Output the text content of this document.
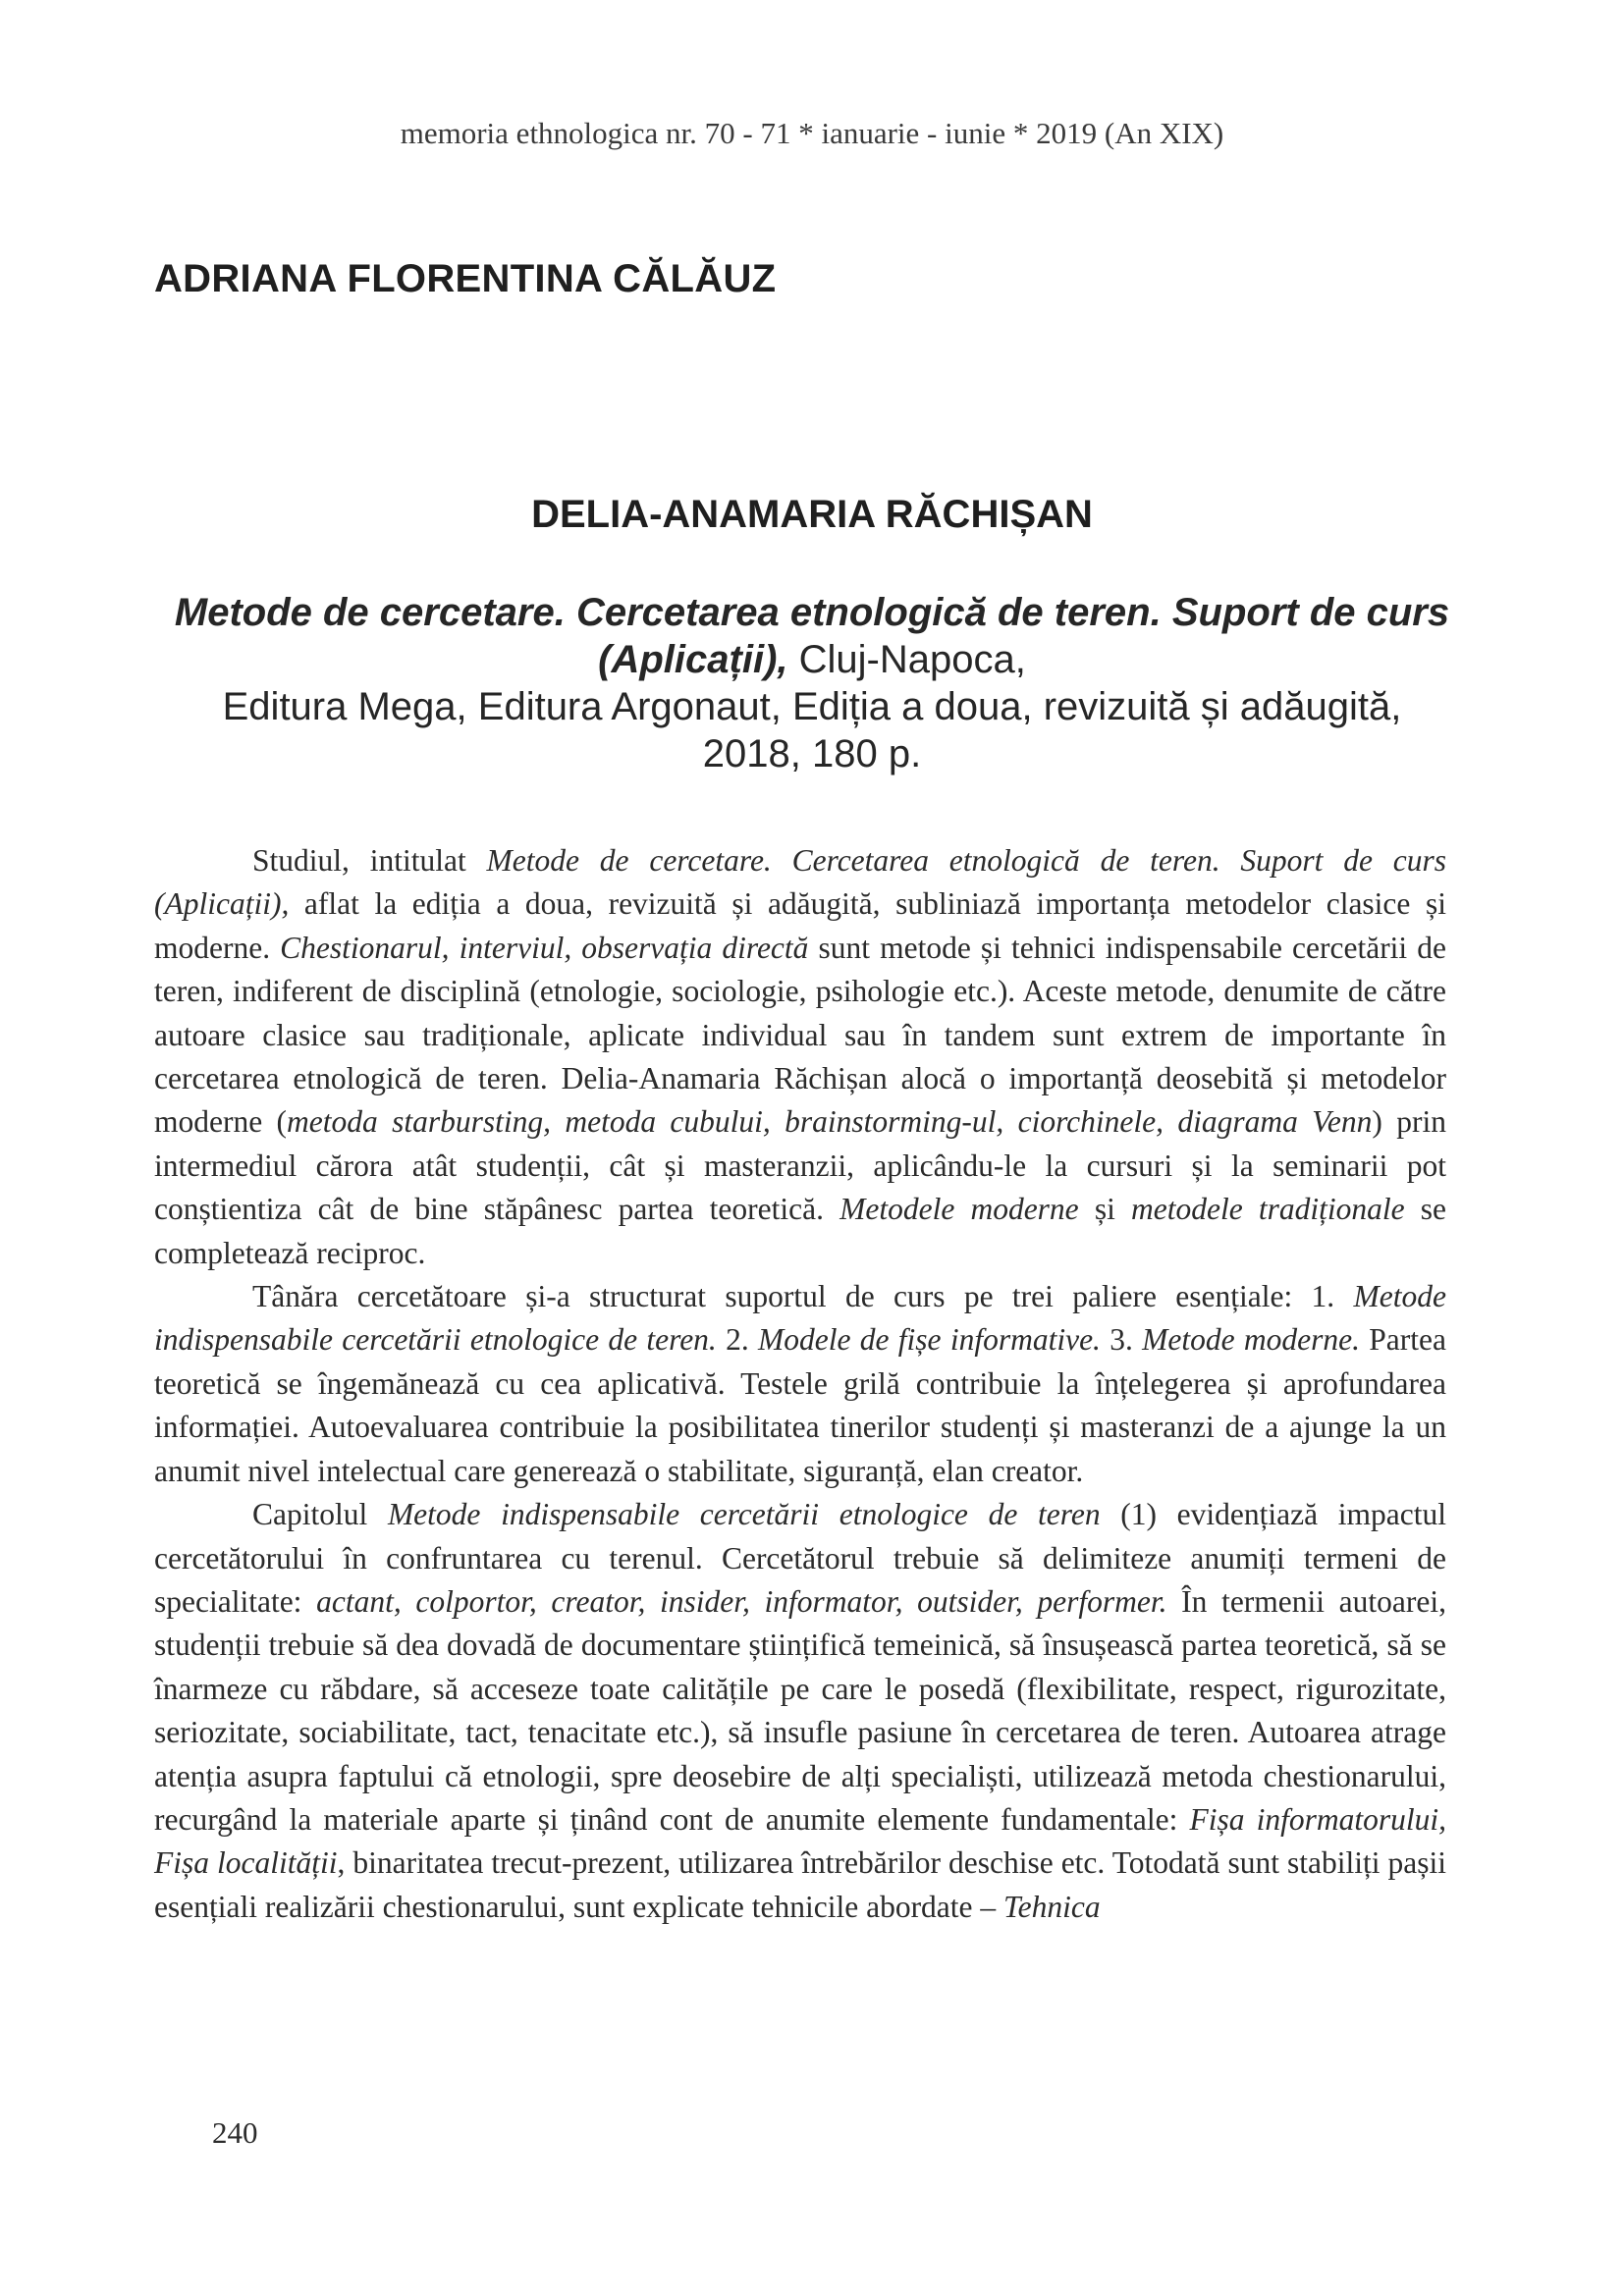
memoria ethnologica nr. 70 - 71 * ianuarie - iunie * 2019 (An XIX)
ADRIANA FLORENTINA CĂLĂUZ
DELIA-ANAMARIA RĂCHIȘAN
Metode de cercetare. Cercetarea etnologică de teren. Suport de curs (Aplicații), Cluj-Napoca,
Editura Mega, Editura Argonaut, Ediția a doua, revizuită și adăugită,
2018, 180 p.

Studiul, intitulat Metode de cercetare. Cercetarea etnologică de teren. Suport de curs (Aplicații), aflat la ediția a doua, revizuită și adăugită, subliniază importanța metodelor clasice și moderne. Chestionarul, interviul, observația directă sunt metode și tehnici indispensabile cercetării de teren, indiferent de disciplină (etnologie, sociologie, psihologie etc.). Aceste metode, denumite de către autoare clasice sau tradiționale, aplicate individual sau în tandem sunt extrem de importante în cercetarea etnologică de teren. Delia-Anamaria Răchișan alocă o importanță deosebită și metodelor moderne (metoda starbursting, metoda cubului, brainstorming-ul, ciorchinele, diagrama Venn) prin intermediul cărora atât studenții, cât și masteranzii, aplicându-le la cursuri și la seminarii pot conștientiza cât de bine stăpânesc partea teoretică. Metodele moderne și metodele tradiționale se completează reciproc.

Tânăra cercetătoare și-a structurat suportul de curs pe trei paliere esențiale: 1. Metode indispensabile cercetării etnologice de teren. 2. Modele de fișe informative. 3. Metode moderne. Partea teoretică se îngemănează cu cea aplicativă. Testele grilă contribuie la înțelegerea și aprofundarea informației. Autoevaluarea contribuie la posibilitatea tinerilor studenți și masteranzi de a ajunge la un anumit nivel intelectual care generează o stabilitate, siguranță, elan creator.

Capitolul Metode indispensabile cercetării etnologice de teren (1) evidențiază impactul cercetătorului în confruntarea cu terenul. Cercetătorul trebuie să delimiteze anumiți termeni de specialitate: actant, colportor, creator, insider, informator, outsider, performer. În termenii autoarei, studenții trebuie să dea dovadă de documentare științifică temeinică, să însușească partea teoretică, să se înarmeze cu răbdare, să acceseze toate calitățile pe care le posedă (flexibilitate, respect, rigurozitate, seriozitate, sociabilitate, tact, tenacitate etc.), să insufle pasiune în cercetarea de teren. Autoarea atrage atenția asupra faptului că etnologii, spre deosebire de alți specialiști, utilizează metoda chestionarului, recurgând la materiale aparte și ținând cont de anumite elemente fundamentale: Fișa informatorului, Fișa localității, binaritatea trecut-prezent, utilizarea întrebărilor deschise etc. Totodată sunt stabiliți pașii esențiali realizării chestionarului, sunt explicate tehnicile abordate – Tehnica

240
